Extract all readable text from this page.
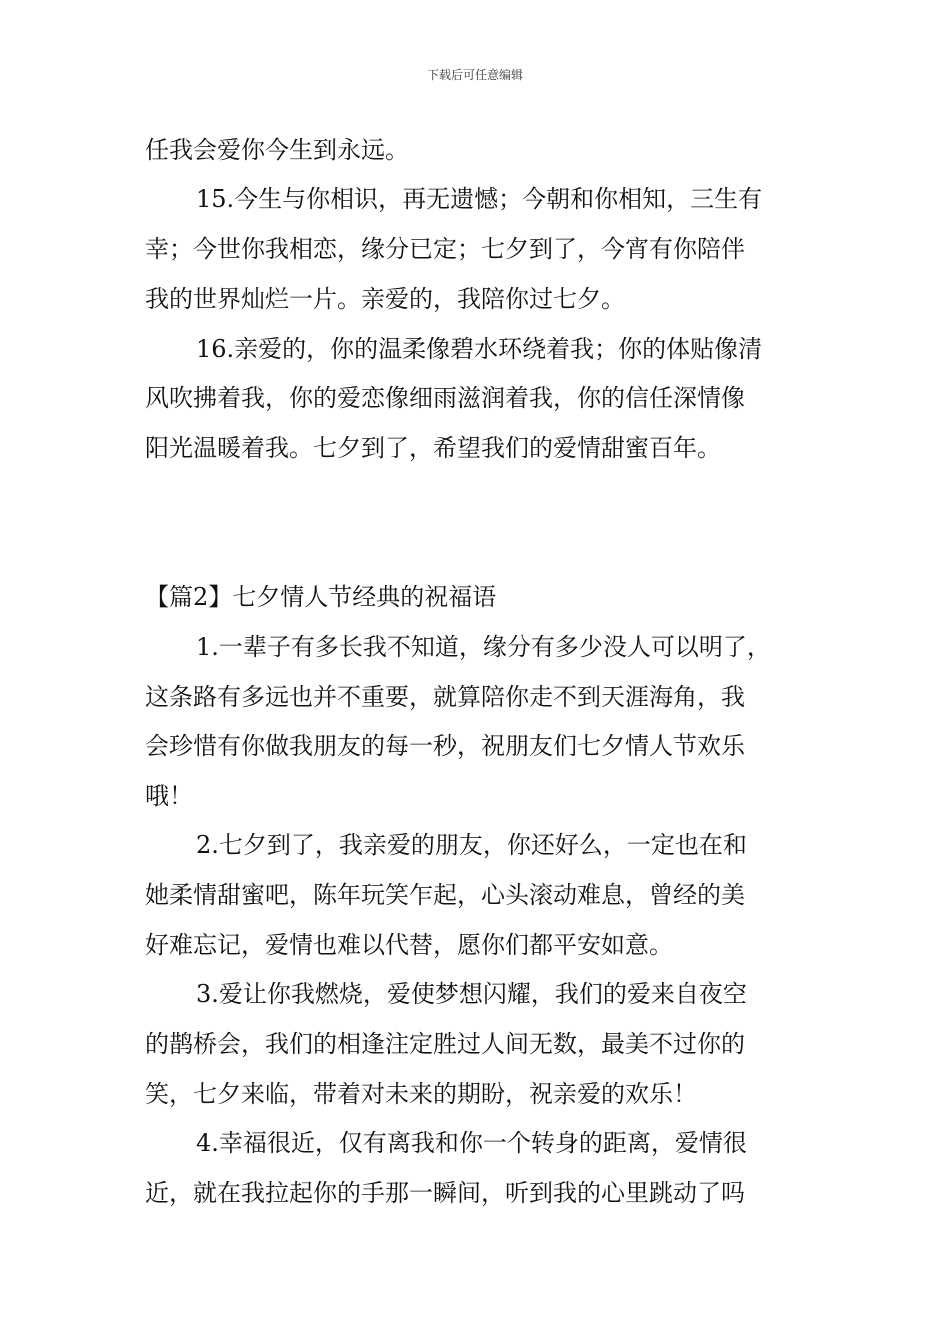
下载后可任意编辑
任我会爱你今生到永远。
15.今生与你相识，再无遗憾；今朝和你相知，三生有
幸；今世你我相恋，缘分已定；七夕到了，今宵有你陪伴
我的世界灿烂一片。亲爱的，我陪你过七夕。
16.亲爱的，你的温柔像碧水环绕着我；你的体贴像清
风吹拂着我，你的爱恋像细雨滋润着我，你的信任深情像
阳光温暖着我。七夕到了，希望我们的爱情甜蜜百年。
【篇2】七夕情人节经典的祝福语
1.一辈子有多长我不知道，缘分有多少没人可以明了，
这条路有多远也并不重要，就算陪你走不到天涯海角，我
会珍惜有你做我朋友的每一秒，祝朋友们七夕情人节欢乐
哦！
2.七夕到了，我亲爱的朋友，你还好么，一定也在和
她柔情甜蜜吧，陈年玩笑乍起，心头滚动难息，曾经的美
好难忘记，爱情也难以代替，愿你们都平安如意。
3.爱让你我燃烧，爱使梦想闪耀，我们的爱来自夜空
的鹊桥会，我们的相逢注定胜过人间无数，最美不过你的
笑，七夕来临，带着对未来的期盼，祝亲爱的欢乐！
4.幸福很近，仅有离我和你一个转身的距离，爱情很
近，就在我拉起你的手那一瞬间，听到我的心里跳动了吗
